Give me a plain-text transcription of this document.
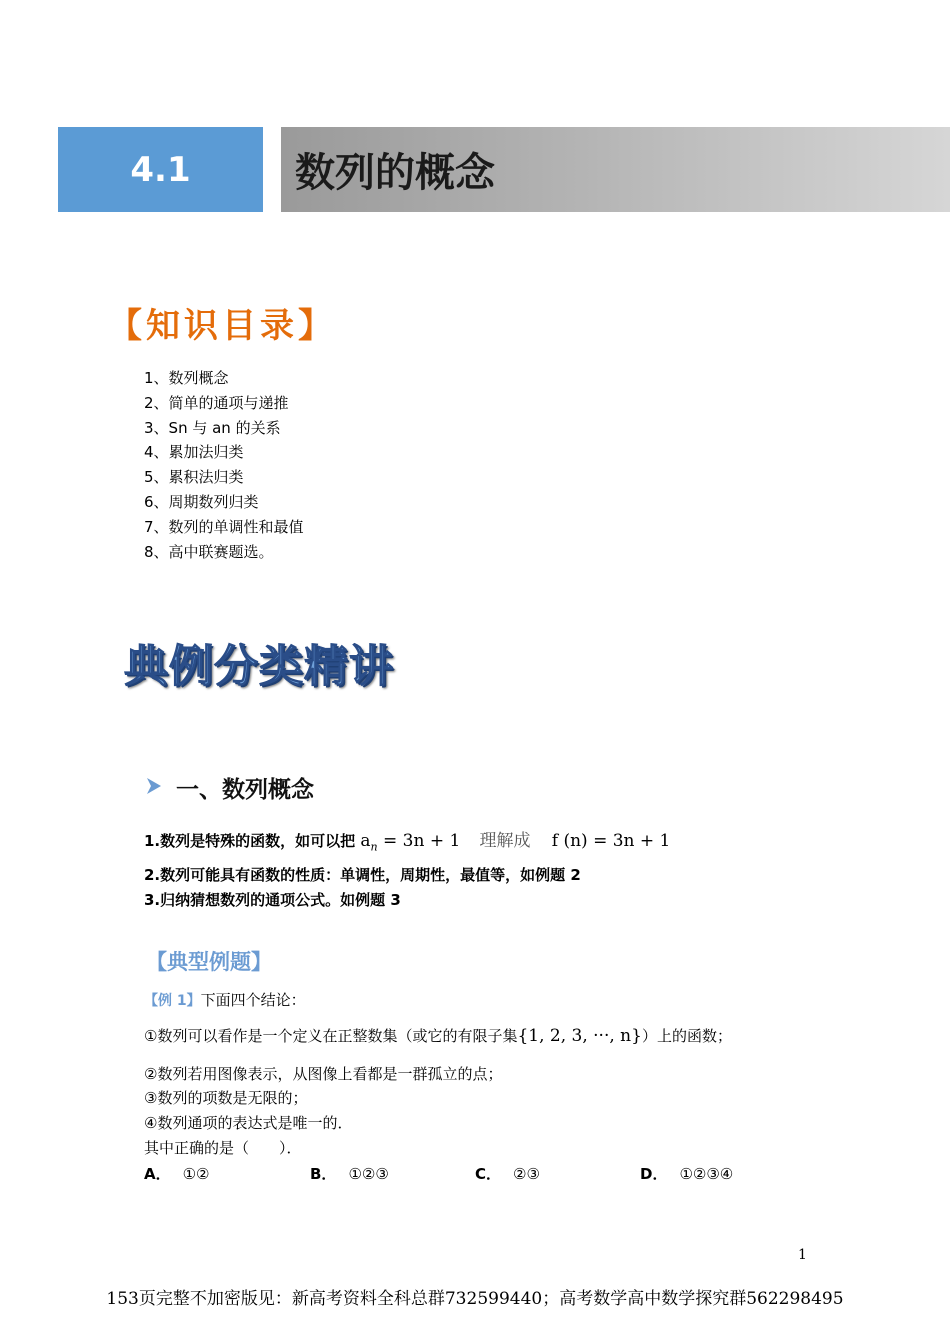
4.1	数列的概念
【知识目录】
1、数列概念
2、简单的通项与递推
3、Sn 与 an 的关系
4、累加法归类
5、累积法归类
6、周期数列归类
7、数列的单调性和最值
8、高中联赛题选。
典例分类精讲
一、数列概念
1.数列是特殊的函数，如可以把 $a_n = 3n + 1$ 理解成 f (n) = 3n + 1
2.数列可能具有函数的性质：单调性，周期性，最值等，如例题 2
3.归纳猜想数列的通项公式。如例题 3
【典型例题】
【例 1】下面四个结论：
①数列可以看作是一个定义在正整数集（或它的有限子集{1, 2, 3, ···, n}）上的函数；
②数列若用图像表示，从图像上看都是一群孤立的点；
③数列的项数是无限的；
④数列通项的表达式是唯一的．
其中正确的是（　　）．
A． ①②	B． ①②③	C． ②③	D． ①②③④
1
153页完整不加密版见：新高考资料全科总群732599440；高考数学高中数学探究群562298495
